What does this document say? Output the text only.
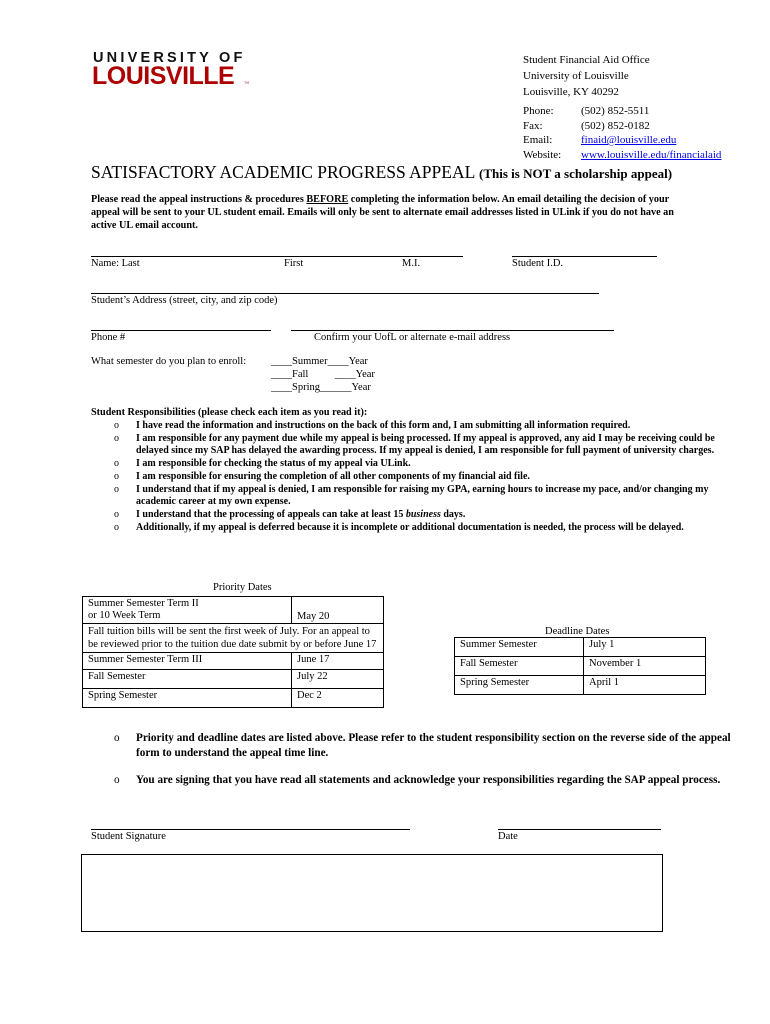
UNIVERSITY OF
LOUISVILLE ™
Student Financial Aid Office
University of Louisville
Louisville, KY 40292
Phone: (502) 852-5511
Fax:	(502) 852-0182
Email:	finaid@louisville.edu
Website: www.louisville.edu/financialaid
SATISFACTORY ACADEMIC PROGRESS APPEAL (This is NOT a scholarship appeal)
Please read the appeal instructions & procedures BEFORE completing the information below. An email detailing the decision of your appeal will be sent to your UL student email. Emails will only be sent to alternate email addresses listed in ULink if you do not have an active UL email account.
Name: Last	First	M.I.	Student I.D.
Student’s Address (street, city, and zip code)
Phone #	Confirm your UofL or alternate e-mail address
What semester do you plan to enroll: ____Summer____Year
____Fall          ____Year
____Spring______Year
Student Responsibilities (please check each item as you read it):
o I have read the information and instructions on the back of this form and, I am submitting all information required.
o I am responsible for any payment due while my appeal is being processed. If my appeal is approved, any aid I may be receiving could be delayed since my SAP has delayed the awarding process. If my appeal is denied, I am responsible for full payment of university charges.
o I am responsible for checking the status of my appeal via ULink.
o I am responsible for ensuring the completion of all other components of my financial aid file.
o I understand that if my appeal is denied, I am responsible for raising my GPA, earning hours to increase my pace, and/or changing my academic career at my own expense.
o I understand that the processing of appeals can take at least 15 business days.
o Additionally, if my appeal is deferred because it is incomplete or additional documentation is needed, the process will be delayed.
Priority Dates
Summer Semester Term II
or 10 Week Term	May 20
Fall tuition bills will be sent the first week of July. For an appeal to be reviewed prior to the tuition due date submit by or before June 17	
Summer Semester Term III	June 17
Fall Semester	July 22
Spring Semester	Dec 2
Deadline Dates
Summer Semester	July 1
Fall Semester	November 1
Spring Semester	April 1
o Priority and deadline dates are listed above. Please refer to the student responsibility section on the reverse side of the appeal form to understand the appeal time line.
o You are signing that you have read all statements and acknowledge your responsibilities regarding the SAP appeal process.
Student Signature	Date
